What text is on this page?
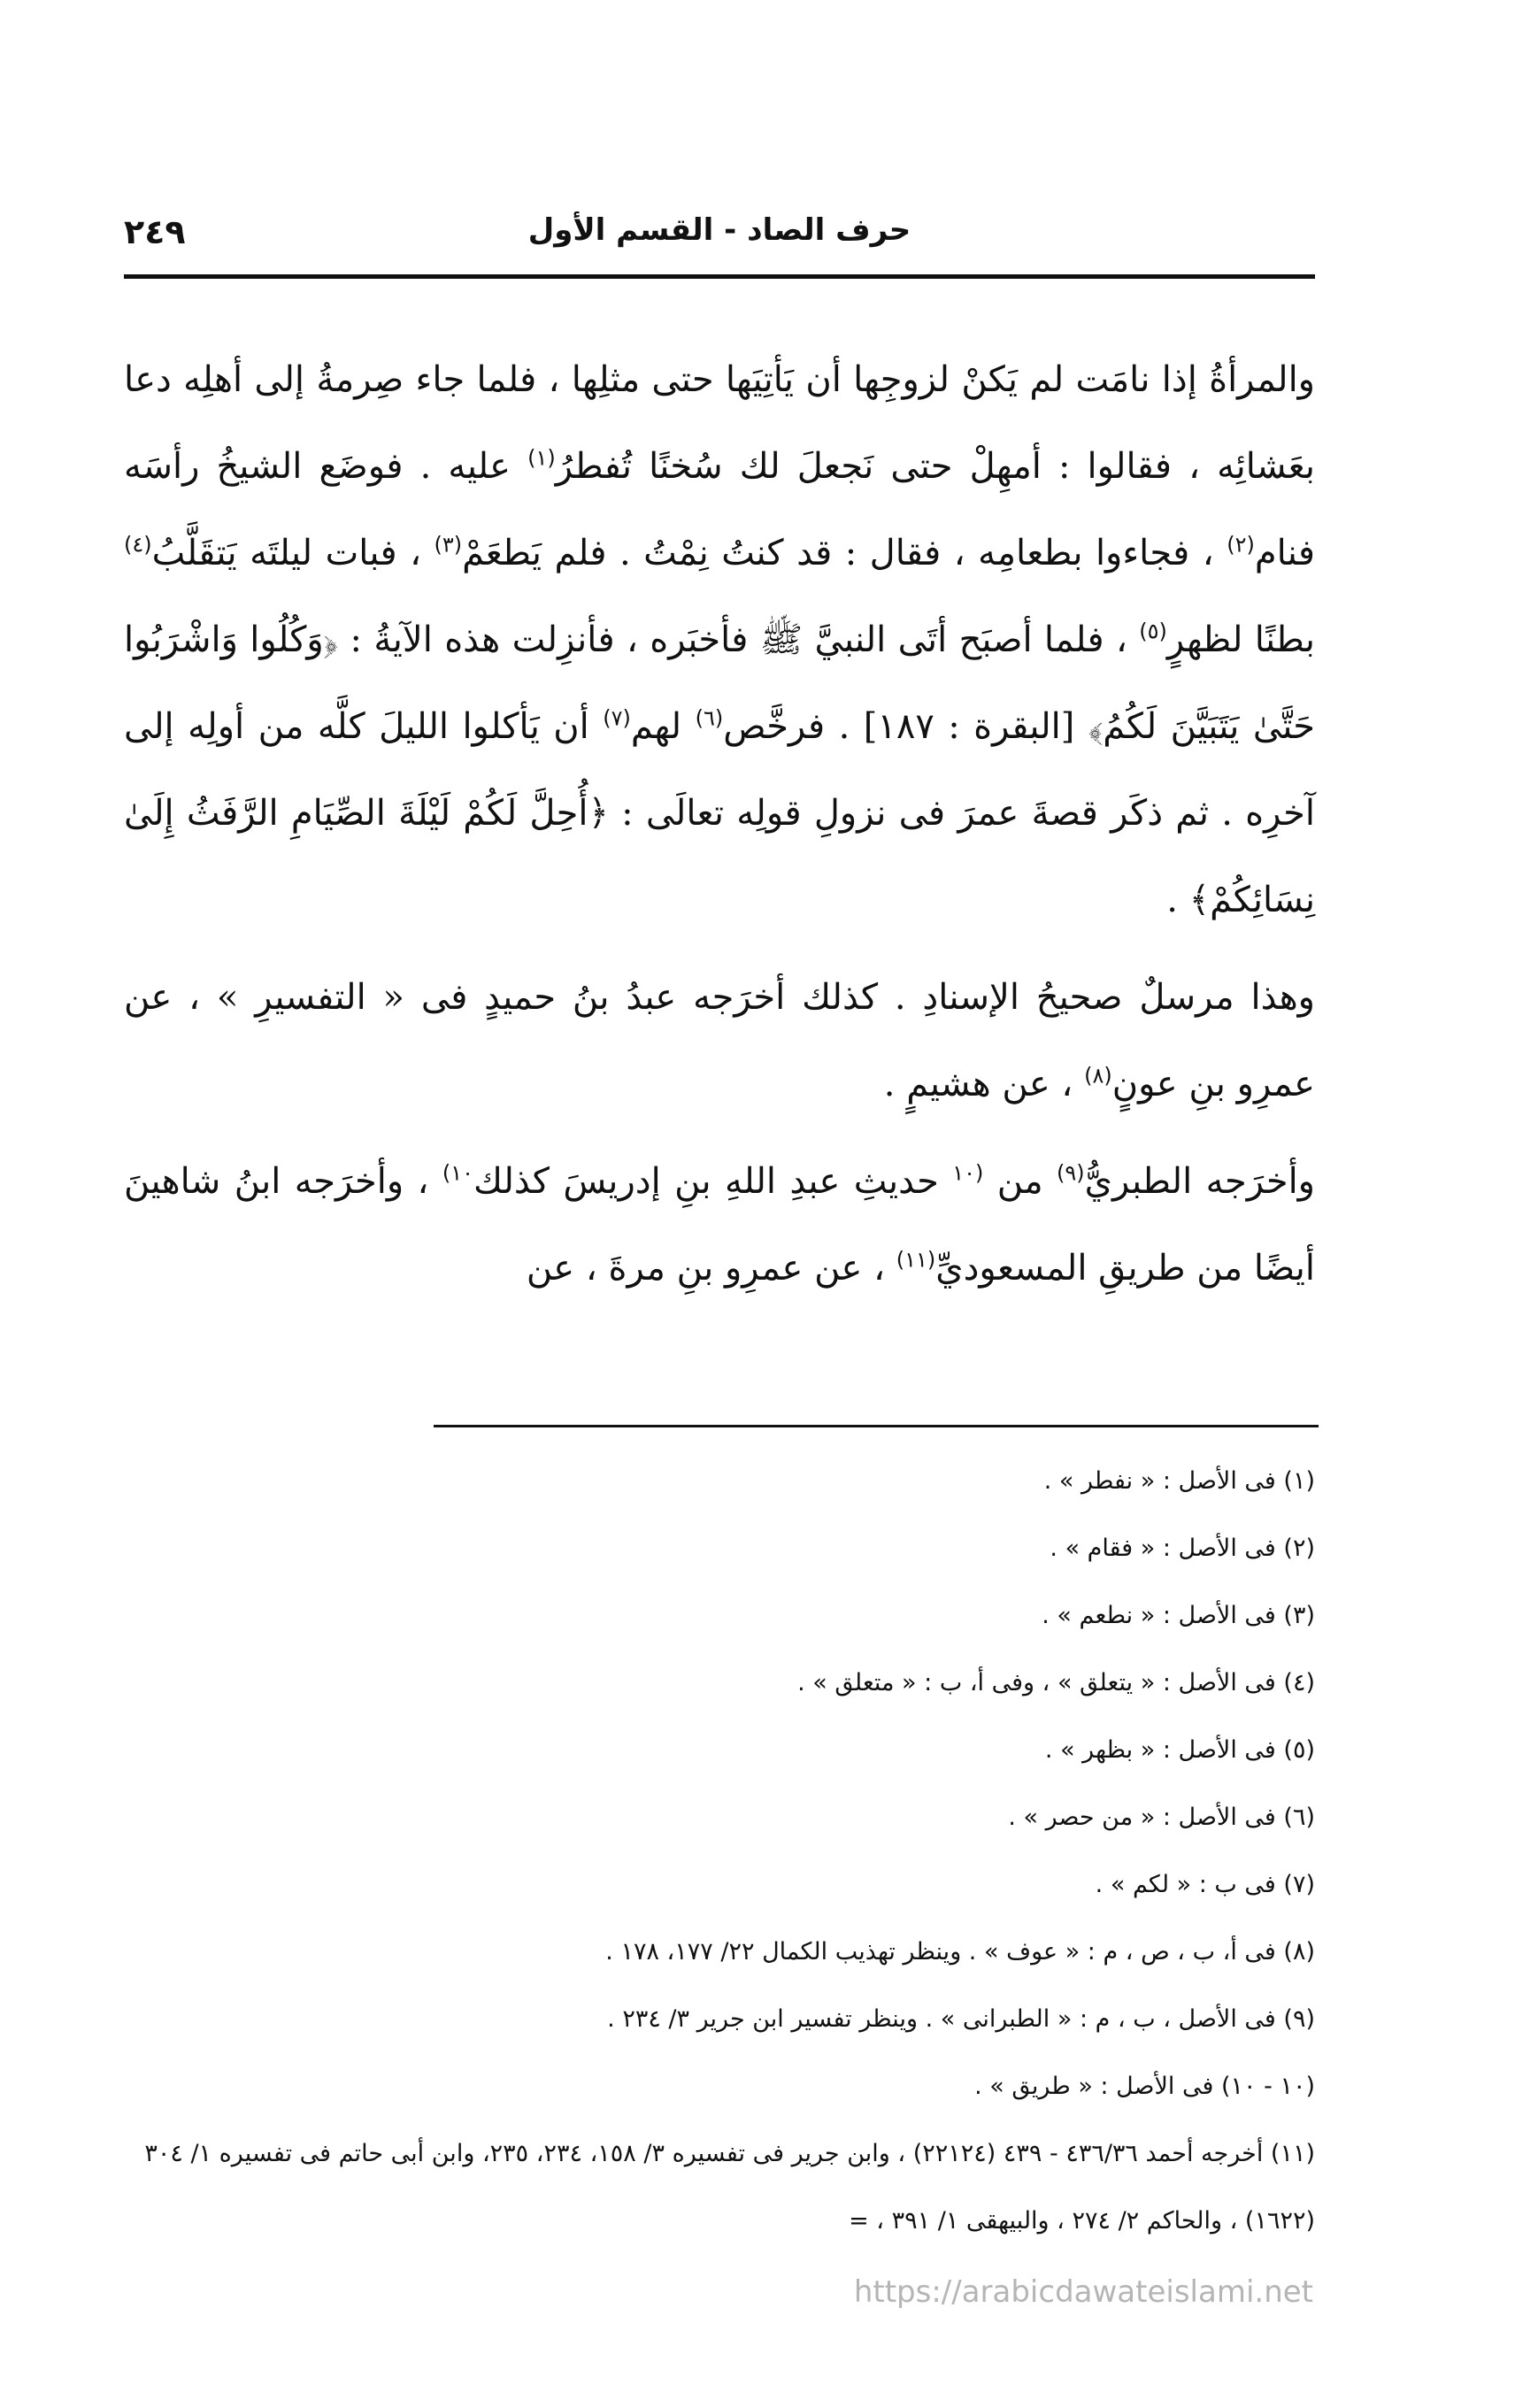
حرف الصاد - القسم الأول
٢٤٩

والمرأةُ إذا نامَت لم يَكنْ لزوجِها أن يَأتِيَها حتى مثلِها ، فلما جاء صِرمةُ إلى أهلِه دعا بعَشائِه ، فقالوا : أمهِلْ حتى نَجعلَ لك سُخنًا تُفطرُ$^{(١)}$ عليه . فوضَع الشيخُ رأسَه فنام$^{(٢)}$ ، فجاءوا بطعامِه ، فقال : قد كنتُ نِمْتُ . فلم يَطعَمْ$^{(٣)}$ ، فبات ليلتَه يَتقَلَّبُ$^{(٤)}$ بطنًا لظهرٍ$^{(٥)}$ ، فلما أصبَح أتَى النبيَّ ﷺ فأخبَره ، فأنزِلت هذه الآيةُ : ﴿وَكُلُوا وَاشْرَبُوا حَتَّىٰ يَتَبَيَّنَ لَكُمُ﴾ [البقرة : ١٨٧] . فرخَّص$^{(٦)}$ لهم$^{(٧)}$ أن يَأكلوا الليلَ كلَّه من أولِه إلى آخرِه . ثم ذكَر قصةَ عمرَ فى نزولِ قولِه تعالَى : ﴿أُحِلَّ لَكُمْ لَيْلَةَ الصِّيَامِ الرَّفَثُ إِلَىٰ نِسَائِكُمْ﴾ .

وهذا مرسلٌ صحيحُ الإسنادِ . كذلك أخرَجه عبدُ بنُ حميدٍ فى « التفسيرِ » ، عن عمرِو بنِ عونٍ$^{(٨)}$ ، عن هشيمٍ .

وأخرَجه الطبريُّ$^{(٩)}$ من $^{(١٠}$ حديثِ عبدِ اللهِ بنِ إدريسَ كذلك$^{١٠)}$ ، وأخرَجه ابنُ شاهينَ أيضًا من طريقِ المسعوديِّ$^{(١١)}$ ، عن عمرِو بنِ مرةَ ، عن

(١) فى الأصل : « نفطر » .

(٢) فى الأصل : « فقام » .

(٣) فى الأصل : « نطعم » .

(٤) فى الأصل : « يتعلق » ، وفى أ، ب : « متعلق » .

(٥) فى الأصل : « بظهر » .

(٦) فى الأصل : « من حصر » .

(٧) فى ب : « لكم » .

(٨) فى أ، ب ، ص ، م : « عوف » . وينظر تهذيب الكمال ٢٢/ ١٧٧، ١٧٨ .

(٩) فى الأصل ، ب ، م : « الطبرانى » . وينظر تفسير ابن جرير ٣/ ٢٣٤ .

(١٠ - ١٠) فى الأصل : « طريق » .

(١١) أخرجه أحمد ٤٣٦/٣٦ - ٤٣٩ (٢٢١٢٤) ، وابن جرير فى تفسيره ٣/ ١٥٨، ٢٣٤، ٢٣٥، وابن أبى حاتم فى تفسيره ١/ ٣٠٤ (١٦٢٢) ، والحاكم ٢/ ٢٧٤ ، والبيهقى ١/ ٣٩١ ، =

https://arabicdawateislami.net
